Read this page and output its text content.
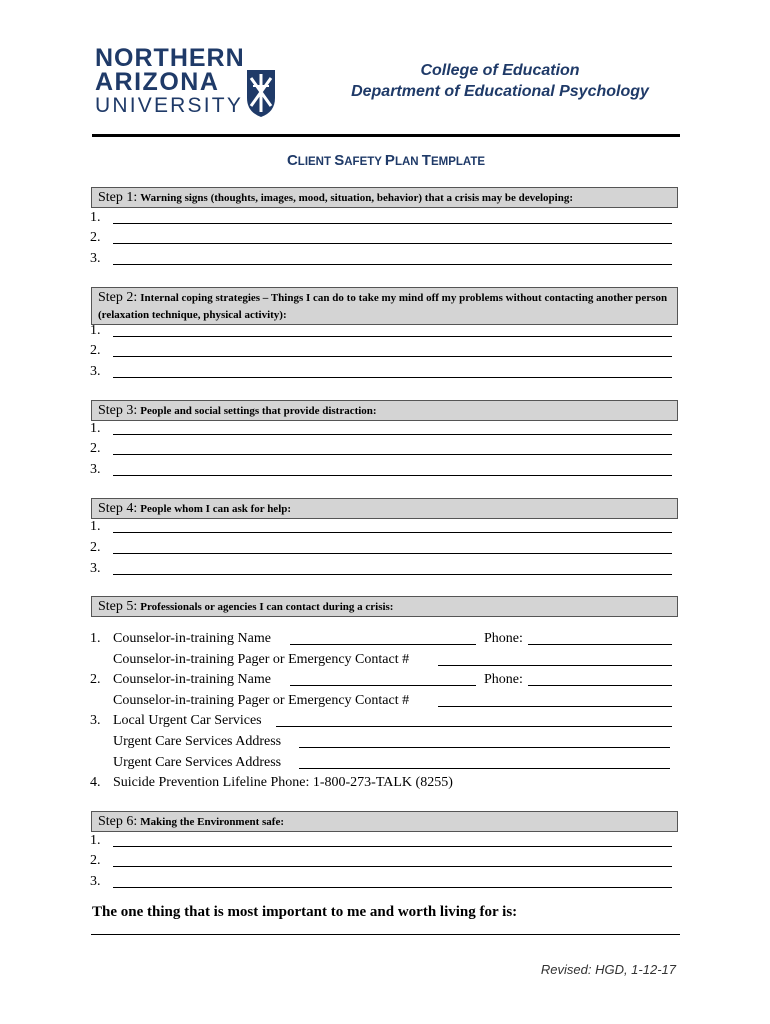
NORTHERN
ARIZONA
UNIVERSITY
College of Education
Department of Educational Psychology
CLIENT SAFETY PLAN TEMPLATE
Step 1: Warning signs (thoughts, images, mood, situation, behavior) that a crisis may be developing:
1.
2.
3.
Step 2: Internal coping strategies – Things I can do to take my mind off my problems without contacting another person (relaxation technique, physical activity):
1.
2.
3.
Step 3: People and social settings that provide distraction:
1.
2.
3.
Step 4: People whom I can ask for help:
1.
2.
3.
Step 5: Professionals or agencies I can contact during a crisis:
1. Counselor-in-training Name	Phone:
Counselor-in-training Pager or Emergency Contact #
2. Counselor-in-training Name	Phone:
Counselor-in-training Pager or Emergency Contact #
3. Local Urgent Car Services
Urgent Care Services Address
Urgent Care Services Address
4. Suicide Prevention Lifeline Phone: 1-800-273-TALK (8255)
Step 6: Making the Environment safe:
1.
2.
3.
The one thing that is most important to me and worth living for is:
Revised: HGD, 1-12-17
